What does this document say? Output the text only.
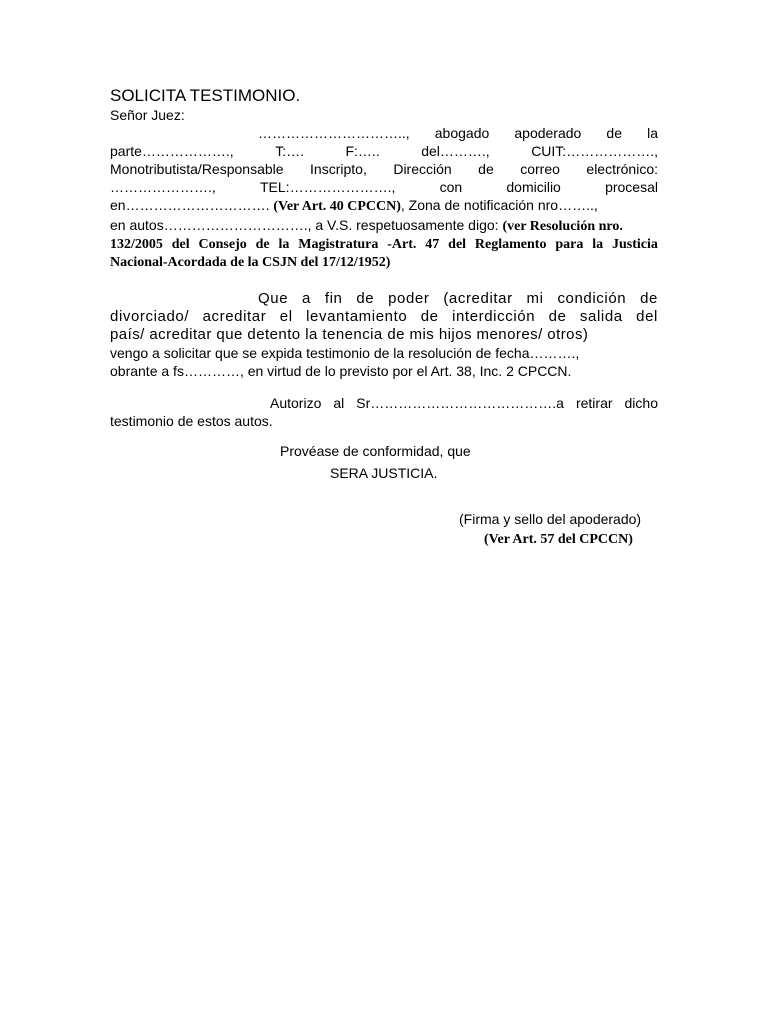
SOLICITA TESTIMONIO.

Señor Juez:

………………………….., abogado apoderado de la

parte……………….,	T:….	F:…..	del……….,	CUIT:……………….,

Monotributista/Responsable Inscripto, Dirección de correo electrónico:

………………….,	TEL:………………….,	con	domicilio	procesal

en…………………………. (Ver Art. 40 CPCCN), Zona de notificación nro……..,

en autos…………………………., a V.S. respetuosamente digo: (ver Resolución nro.

132/2005 del Consejo de la Magistratura -Art. 47 del Reglamento para la Justicia

Nacional-Acordada de la CSJN del 17/12/1952)

Que a fin de poder (acreditar mi condición de

divorciado/ acreditar el levantamiento de interdicción de salida del

país/ acreditar que detento la tenencia de mis hijos menores/ otros)

vengo a solicitar que se expida testimonio de la resolución de fecha……….,

obrante a fs…………, en virtud de lo previsto por el Art. 38, Inc. 2 CPCCN.

Autorizo al Sr………………………………….a retirar dicho

testimonio de estos autos.

Provéase de conformidad, que

SERA JUSTICIA.

(Firma y sello del apoderado)

(Ver Art. 57 del CPCCN)
